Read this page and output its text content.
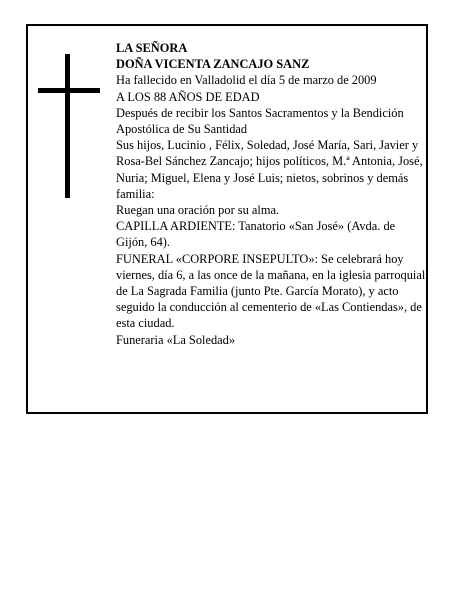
LA SEÑORA

DOÑA VICENTA ZANCAJO SANZ

Ha fallecido en Valladolid el día 5 de marzo de 2009

A LOS 88 AÑOS DE EDAD

Después de recibir los Santos Sacramentos y la Bendición Apostólica de Su Santidad

Sus hijos, Lucinio , Félix, Soledad, José María, Sari, Javier y Rosa-Bel Sánchez Zancajo; hijos políticos, M.ª Antonia, José, Nuria; Miguel, Elena y José Luis; nietos, sobrinos y demás familia:

Ruegan una oración por su alma.

CAPILLA ARDIENTE: Tanatorio «San José» (Avda. de Gijón, 64).

FUNERAL «CORPORE INSEPULTO»: Se celebrará hoy viernes, día 6, a las once de la mañana, en la iglesia parroquial de La Sagrada Familia (junto Pte. García Morato), y acto seguido la conducción al cementerio de «Las Contiendas», de esta ciudad.

Funeraria «La Soledad»
